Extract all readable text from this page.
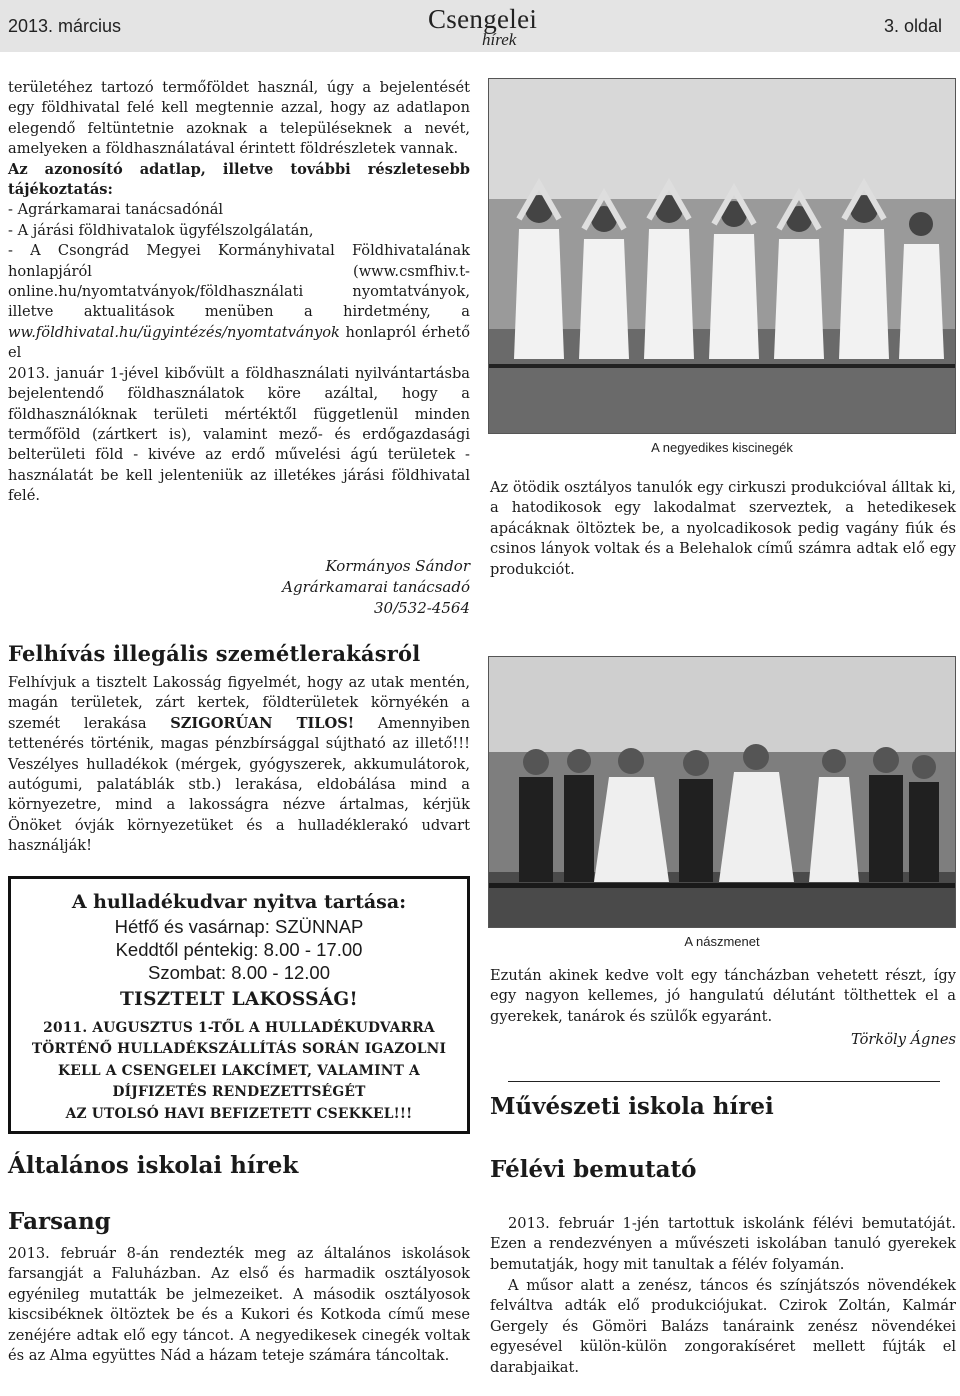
2013. március	Csengelei
hírek
3. oldal

területéhez tartozó termőföldet használ, úgy a bejelentését egy földhivatal felé kell megtennie azzal, hogy az adatlapon elegendő feltüntetnie azoknak a településeknek a nevét, amelyeken a földhasználatával érintett földrészletek vannak.

Az azonosító adatlap, illetve további részletesebb tájékoztatás:
- Agrárkamarai tanácsadónál
- A járási földhivatalok ügyfélszolgálatán,
- A Csongrád Megyei Kormányhivatal Földhivatalának honlapjáról (www.csmfhiv.t-online.hu/nyomtatványok/földhasználati nyomtatványok, illetve aktualitások menüben a hirdetmény, a ww.földhivatal.hu/ügyintézés/nyomtatványok honlapról érhető el

2013. január 1-jével kibővült a földhasználati nyilvántartásba bejelentendő földhasználatok köre azáltal, hogy a földhasználóknak területi mértéktől függetlenül minden termőföld (zártkert is), valamint mező- és erdőgazdasági belterületi föld - kivéve az erdő művelési ágú területek - használatát be kell jelenteniük az illetékes járási földhivatal felé.

Kormányos Sándor
Agrárkamarai tanácsadó
30/532-4564
Felhívás illegális szemétlerakásról

Felhívjuk a tisztelt Lakosság figyelmét, hogy az utak mentén, magán területek, zárt kertek, földterületek környékén a szemét lerakása SZIGORÚAN TILOS! Amennyiben tettenérés történik, magas pénzbírsággal sújtható az illető!!! Veszélyes hulladékok (mérgek, gyógyszerek, akkumulátorok, autógumi, palatáblák stb.) lerakása, eldobálása mind a környezetre, mind a lakosságra nézve ártalmas, kérjük Önöket óvják környezetüket és a hulladéklerakó udvart használják!

A hulladékudvar nyitva tartása:
Hétfő és vasárnap: SZÜNNAP
Keddtől péntekig: 8.00 - 17.00
Szombat: 8.00 - 12.00
TISZTELT LAKOSSÁG!
2011. AUGUSZTUS 1-TŐL A HULLADÉKUDVARRA
TÖRTÉNŐ HULLADÉKSZÁLLÍTÁS SORÁN IGAZOLNI
KELL A CSENGELEI LAKCÍMET, VALAMINT A
DÍJFIZETÉS RENDEZETTSÉGÉT
AZ UTOLSÓ HAVI BEFIZETETT CSEKKEL!!!
Általános iskolai hírek
Farsang

2013. február 8-án rendezték meg az általános iskolások farsangját a Faluházban. Az első és harmadik osztályosok egyénileg mutatták be jelmezeiket. A második osztályosok kiscsibéknek öltöztek be és a Kukori és Kotkoda című mese zenéjére adtak elő egy táncot. A negyedikesek cinegék voltak és az Alma együttes Nád a házam teteje számára táncoltak.

A negyedikes kiscinegék

Az ötödik osztályos tanulók egy cirkuszi produkcióval álltak ki, a hatodikosok egy lakodalmat szerveztek, a hetedikesek apácáknak öltöztek be, a nyolcadikosok pedig vagány fiúk és csinos lányok voltak és a Belehalok című számra adtak elő egy produkciót.

A nászmenet

Ezután akinek kedve volt egy táncházban vehetett részt, így egy nagyon kellemes, jó hangulatú délutánt tölthettek el a gyerekek, tanárok és szülők egyaránt.

Törköly Ágnes
Művészeti iskola hírei
Félévi bemutató

2013. február 1-jén tartottuk iskolánk félévi bemutatóját. Ezen a rendezvényen a művészeti iskolában tanuló gyerekek bemutatják, hogy mit tanultak a félév folyamán.

A műsor alatt a zenész, táncos és színjátszós növendékek felváltva adták elő produkciójukat. Czirok Zoltán, Kalmár Gergely és Gömöri Balázs tanáraink zenész növendékei egyesével külön-külön zongorakíséret mellett fújták el darabjaikat.
